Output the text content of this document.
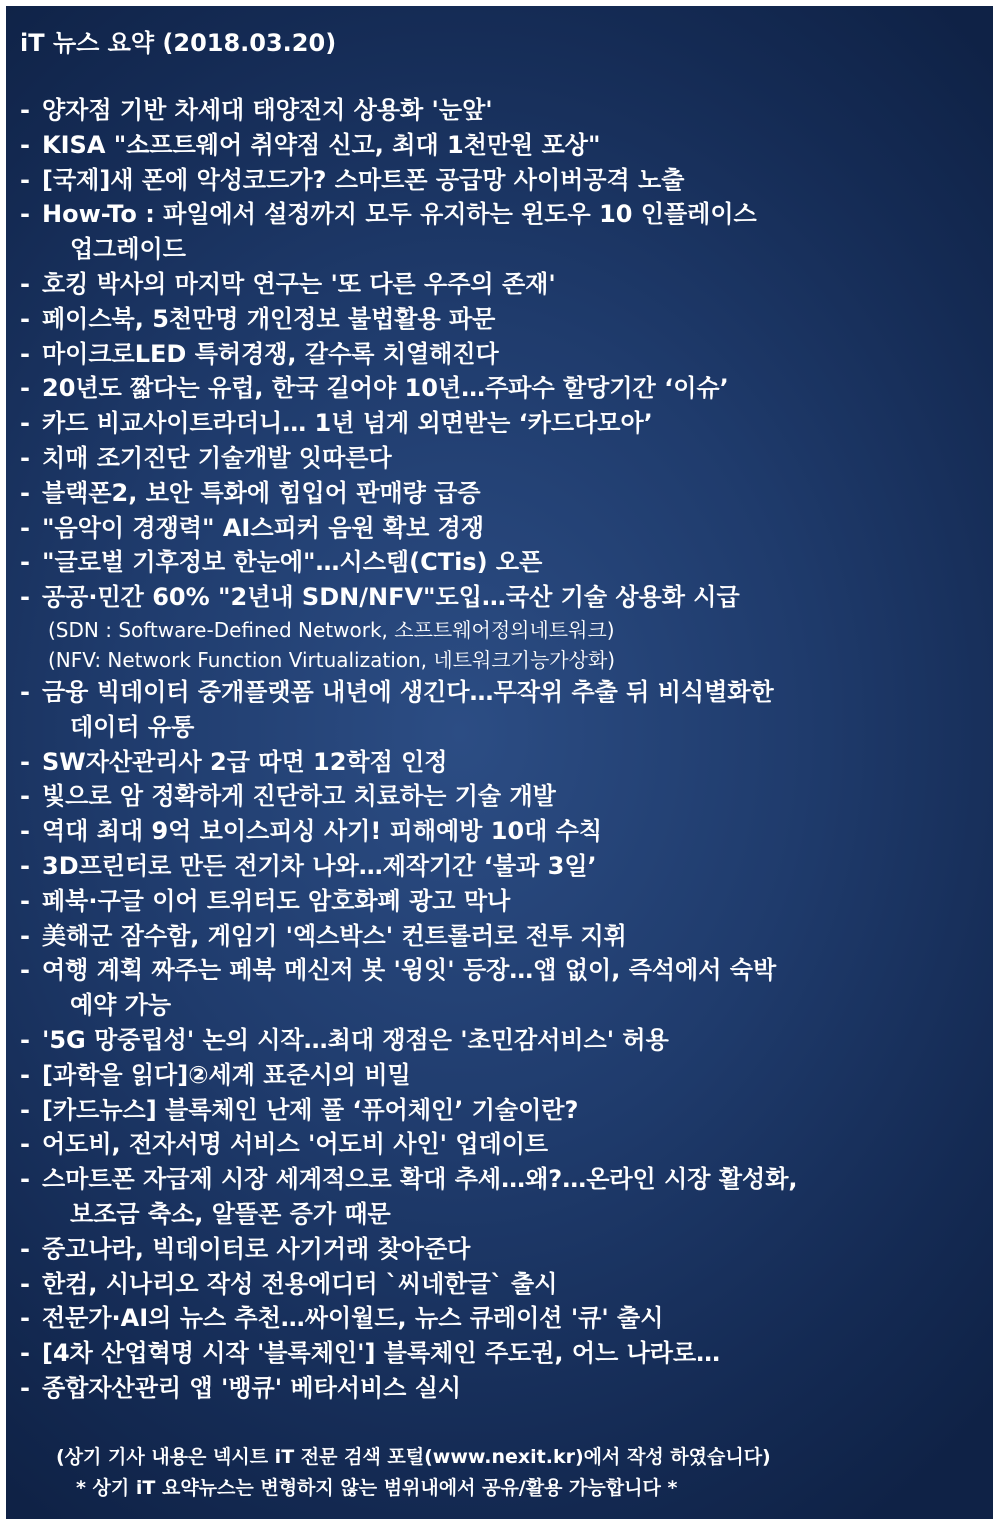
iT 뉴스 요약 (2018.03.20)
- 양자점 기반 차세대 태양전지 상용화 '눈앞'
- KISA "소프트웨어 취약점 신고, 최대 1천만원 포상"
- [국제]새 폰에 악성코드가? 스마트폰 공급망 사이버공격 노출
- How-To : 파일에서 설정까지 모두 유지하는 윈도우 10 인플레이스
업그레이드
- 호킹 박사의 마지막 연구는 '또 다른 우주의 존재'
- 페이스북, 5천만명 개인정보 불법활용 파문
- 마이크로LED 특허경쟁, 갈수록 치열해진다
- 20년도 짧다는 유럽, 한국 길어야 10년…주파수 할당기간 ‘이슈’
- 카드 비교사이트라더니… 1년 넘게 외면받는 ‘카드다모아’
- 치매 조기진단 기술개발 잇따른다
- 블랙폰2, 보안 특화에 힘입어 판매량 급증
- "음악이 경쟁력" AI스피커 음원 확보 경쟁
- "글로벌 기후정보 한눈에"…시스템(CTis) 오픈
- 공공·민간 60% "2년내 SDN/NFV"도입…국산 기술 상용화 시급
(SDN : Software-Defined Network, 소프트웨어정의네트워크)
(NFV: Network Function Virtualization, 네트워크기능가상화)
- 금융 빅데이터 중개플랫폼 내년에 생긴다…무작위 추출 뒤 비식별화한
데이터 유통
- SW자산관리사 2급 따면 12학점 인정
- 빛으로 암 정확하게 진단하고 치료하는 기술 개발
- 역대 최대 9억 보이스피싱 사기! 피해예방 10대 수칙
- 3D프린터로 만든 전기차 나와…제작기간 ‘불과 3일’
- 페북·구글 이어 트위터도 암호화폐 광고 막나
- 美해군 잠수함, 게임기 '엑스박스' 컨트롤러로 전투 지휘
- 여행 계획 짜주는 페북 메신저 봇 '윙잇' 등장…앱 없이, 즉석에서 숙박
예약 가능
- '5G 망중립성' 논의 시작…최대 쟁점은 '초민감서비스' 허용
- [과학을 읽다]②세계 표준시의 비밀
- [카드뉴스] 블록체인 난제 풀 ‘퓨어체인’ 기술이란?
- 어도비, 전자서명 서비스 '어도비 사인' 업데이트
- 스마트폰 자급제 시장 세계적으로 확대 추세…왜?…온라인 시장 활성화,
보조금 축소, 알뜰폰 증가 때문
- 중고나라, 빅데이터로 사기거래 찾아준다
- 한컴, 시나리오 작성 전용에디터 `씨네한글` 출시
- 전문가·AI의 뉴스 추천…싸이월드, 뉴스 큐레이션 '큐' 출시
- [4차 산업혁명 시작 '블록체인'] 블록체인 주도권, 어느 나라로…
- 종합자산관리 앱 '뱅큐' 베타서비스 실시
(상기 기사 내용은 넥시트 iT 전문 검색 포털(www.nexit.kr)에서 작성 하였습니다)
* 상기 iT 요약뉴스는 변형하지 않는 범위내에서 공유/활용 가능합니다 *
